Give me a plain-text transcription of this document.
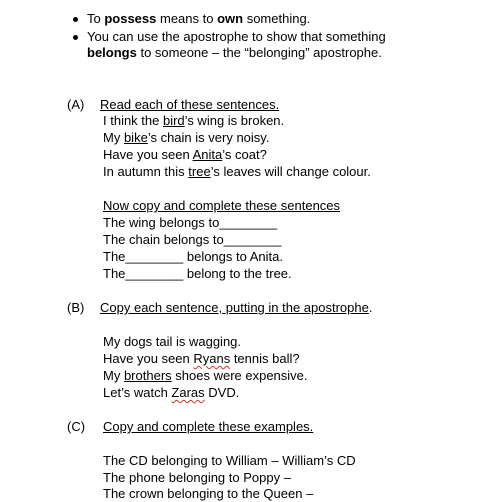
To possess means to own something.
You can use the apostrophe to show that something
belongs to someone – the “belonging” apostrophe.
(A) Read each of these sentences.
I think the bird’s wing is broken.
My bike’s chain is very noisy.
Have you seen Anita’s coat?
In autumn this tree’s leaves will change colour.
Now copy and complete these sentences
The wing belongs to________
The chain belongs to________
The________ belongs to Anita.
The________ belong to the tree.
(B) Copy each sentence, putting in the apostrophe.
My dogs tail is wagging.
Have you seen Ryans tennis ball?
My brothers shoes were expensive.
Let’s watch Zaras DVD.
(C) Copy and complete these examples.
The CD belonging to William – William’s CD
The phone belonging to Poppy –
The crown belonging to the Queen –
